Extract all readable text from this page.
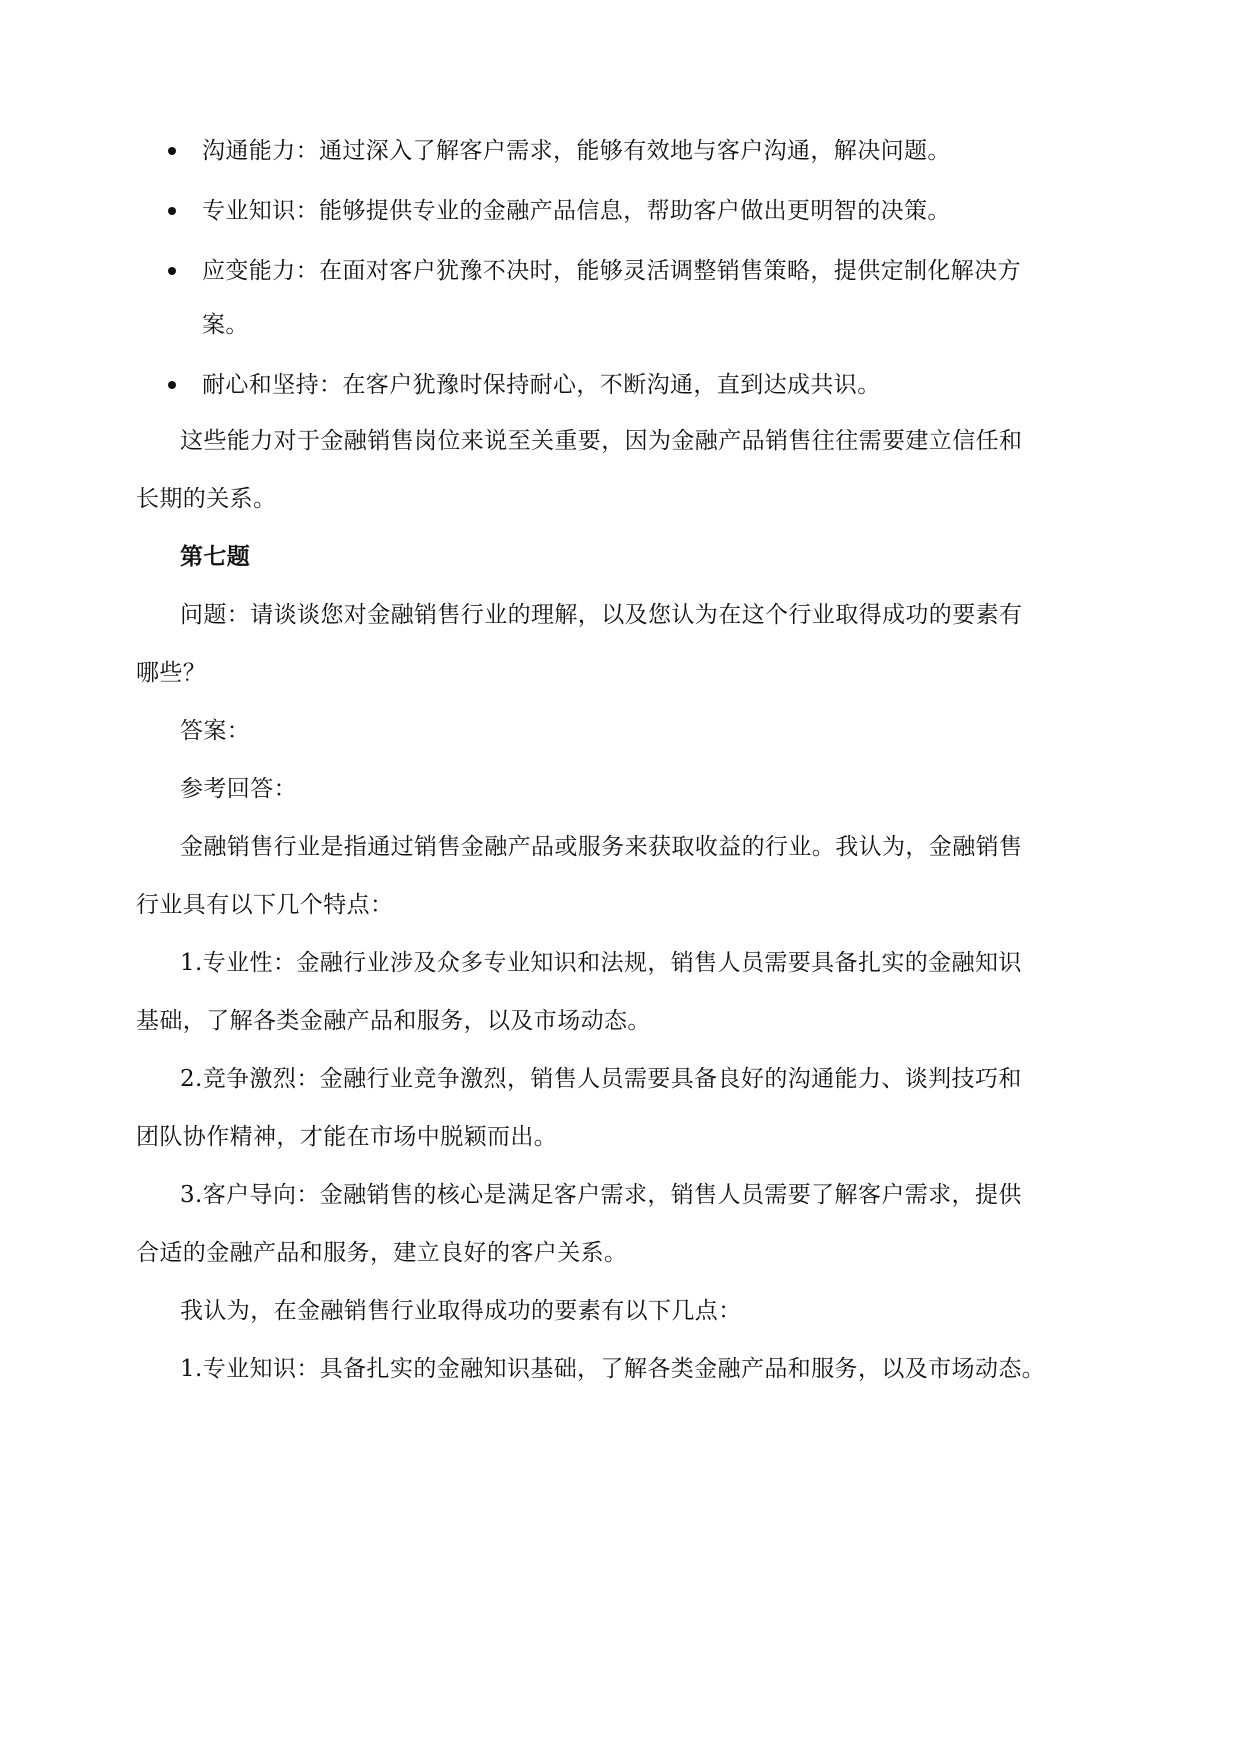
沟通能力：通过深入了解客户需求，能够有效地与客户沟通，解决问题。
专业知识：能够提供专业的金融产品信息，帮助客户做出更明智的决策。
应变能力：在面对客户犹豫不决时，能够灵活调整销售策略，提供定制化解决方
案。
耐心和坚持：在客户犹豫时保持耐心，不断沟通，直到达成共识。
这些能力对于金融销售岗位来说至关重要，因为金融产品销售往往需要建立信任和
长期的关系。
第七题
问题：请谈谈您对金融销售行业的理解，以及您认为在这个行业取得成功的要素有
哪些？
答案：
参考回答：
金融销售行业是指通过销售金融产品或服务来获取收益的行业。我认为，金融销售
行业具有以下几个特点：
1.专业性：金融行业涉及众多专业知识和法规，销售人员需要具备扎实的金融知识
基础，了解各类金融产品和服务，以及市场动态。
2.竞争激烈：金融行业竞争激烈，销售人员需要具备良好的沟通能力、谈判技巧和
团队协作精神，才能在市场中脱颖而出。
3.客户导向：金融销售的核心是满足客户需求，销售人员需要了解客户需求，提供
合适的金融产品和服务，建立良好的客户关系。
我认为，在金融销售行业取得成功的要素有以下几点：
1.专业知识：具备扎实的金融知识基础，了解各类金融产品和服务，以及市场动态。
